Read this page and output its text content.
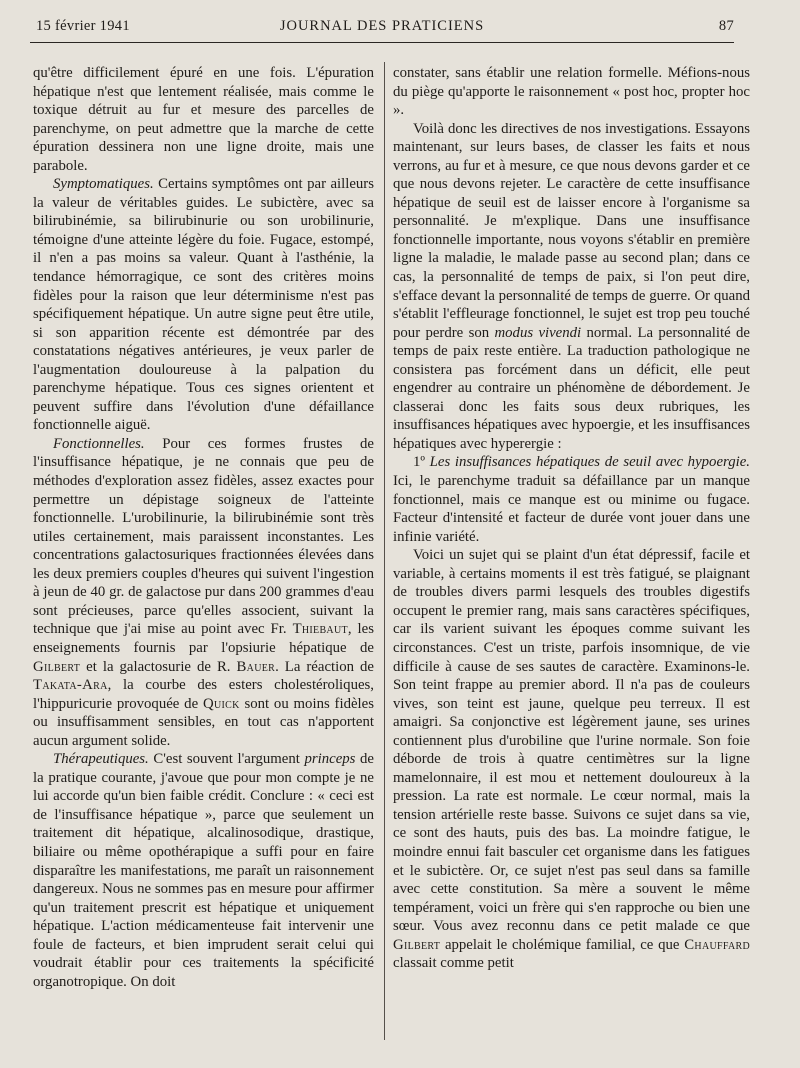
15 février 1941	JOURNAL DES PRATICIENS	87

qu'être difficilement épuré en une fois. L'épuration hépatique n'est que lentement réalisée, mais comme le toxique détruit au fur et mesure des parcelles de parenchyme, on peut admettre que la marche de cette épuration dessinera non une ligne droite, mais une parabole.

Symptomatiques. Certains symptômes ont par ailleurs la valeur de véritables guides. Le subictère, avec sa bilirubinémie, sa bilirubinurie ou son urobilinurie, témoigne d'une atteinte légère du foie. Fugace, estompé, il n'en a pas moins sa valeur. Quant à l'asthénie, la tendance hémorragique, ce sont des critères moins fidèles pour la raison que leur déterminisme n'est pas spécifiquement hépatique. Un autre signe peut être utile, si son apparition récente est démontrée par des constatations négatives antérieures, je veux parler de l'augmentation douloureuse à la palpation du parenchyme hépatique. Tous ces signes orientent et peuvent suffire dans l'évolution d'une défaillance fonctionnelle aiguë.

Fonctionnelles. Pour ces formes frustes de l'insuffisance hépatique, je ne connais que peu de méthodes d'exploration assez fidèles, assez exactes pour permettre un dépistage soigneux de l'atteinte fonctionnelle. L'urobilinurie, la bilirubinémie sont très utiles certainement, mais paraissent inconstantes. Les concentrations galactosuriques fractionnées élevées dans les deux premiers couples d'heures qui suivent l'ingestion à jeun de 40 gr. de galactose pur dans 200 grammes d'eau sont précieuses, parce qu'elles associent, suivant la technique que j'ai mise au point avec Fr. Thiebaut, les enseignements fournis par l'opsiurie hépatique de Gilbert et la galactosurie de R. Bauer. La réaction de Takata-Ara, la courbe des esters cholestéroliques, l'hippuricurie provoquée de Quick sont ou moins fidèles ou insuffisamment sensibles, en tout cas n'apportent aucun argument solide.

Thérapeutiques. C'est souvent l'argument princeps de la pratique courante, j'avoue que pour mon compte je ne lui accorde qu'un bien faible crédit. Conclure : « ceci est de l'insuffisance hépatique », parce que seulement un traitement dit hépatique, alcalinosodique, drastique, biliaire ou même opothérapique a suffi pour en faire disparaître les manifestations, me paraît un raisonnement dangereux. Nous ne sommes pas en mesure pour affirmer qu'un traitement prescrit est hépatique et uniquement hépatique. L'action médicamenteuse fait intervenir une foule de facteurs, et bien imprudent serait celui qui voudrait établir pour ces traitements la spécificité organotropique. On doit

constater, sans établir une relation formelle. Méfions-nous du piège qu'apporte le raisonnement « post hoc, propter hoc ».

Voilà donc les directives de nos investigations. Essayons maintenant, sur leurs bases, de classer les faits et nous verrons, au fur et à mesure, ce que nous devons garder et ce que nous devons rejeter. Le caractère de cette insuffisance hépatique de seuil est de laisser encore à l'organisme sa personnalité. Je m'explique. Dans une insuffisance fonctionnelle importante, nous voyons s'établir en première ligne la maladie, le malade passe au second plan; dans ce cas, la personnalité de temps de paix, si l'on peut dire, s'efface devant la personnalité de temps de guerre. Or quand s'établit l'effleurage fonctionnel, le sujet est trop peu touché pour perdre son modus vivendi normal. La personnalité de temps de paix reste entière. La traduction pathologique ne consistera pas forcément dans un déficit, elle peut engendrer au contraire un phénomène de débordement. Je classerai donc les faits sous deux rubriques, les insuffisances hépatiques avec hypoergie, et les insuffisances hépatiques avec hyperergie :

1º Les insuffisances hépatiques de seuil avec hypoergie. Ici, le parenchyme traduit sa défaillance par un manque fonctionnel, mais ce manque est ou minime ou fugace. Facteur d'intensité et facteur de durée vont jouer dans une infinie variété.

Voici un sujet qui se plaint d'un état dépressif, facile et variable, à certains moments il est très fatigué, se plaignant de troubles divers parmi lesquels des troubles digestifs occupent le premier rang, mais sans caractères spécifiques, car ils varient suivant les époques comme suivant les circonstances. C'est un triste, parfois insomnique, de vie difficile à cause de ses sautes de caractère. Examinons-le. Son teint frappe au premier abord. Il n'a pas de couleurs vives, son teint est jaune, quelque peu terreux. Il est amaigri. Sa conjonctive est légèrement jaune, ses urines contiennent plus d'urobiline que l'urine normale. Son foie déborde de trois à quatre centimètres sur la ligne mamelonnaire, il est mou et nettement douloureux à la pression. La rate est normale. Le cœur normal, mais la tension artérielle reste basse. Suivons ce sujet dans sa vie, ce sont des hauts, puis des bas. La moindre fatigue, le moindre ennui fait basculer cet organisme dans les fatigues et le subictère. Or, ce sujet n'est pas seul dans sa famille avec cette constitution. Sa mère a souvent le même tempérament, voici un frère qui s'en rapproche ou bien une sœur. Vous avez reconnu dans ce petit malade ce que Gilbert appelait le cholémique familial, ce que Chauffard classait comme petit
